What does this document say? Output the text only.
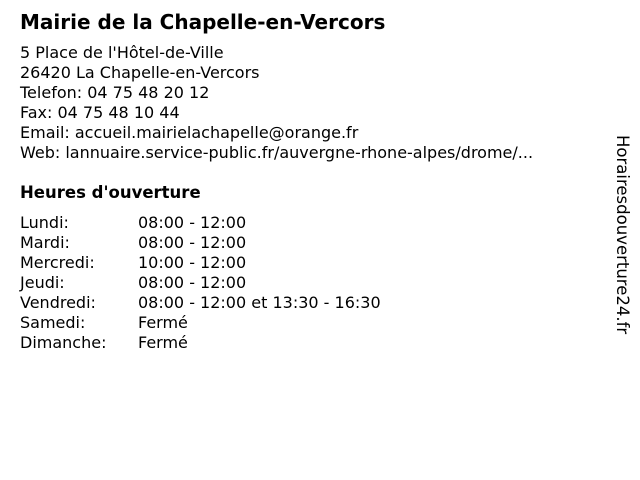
Mairie de la Chapelle-en-Vercors
5 Place de l'Hôtel-de-Ville
26420 La Chapelle-en-Vercors
Telefon: 04 75 48 20 12
Fax: 04 75 48 10 44
Email: accueil.mairielachapelle@orange.fr
Web: lannuaire.service-public.fr/auvergne-rhone-alpes/drome/...
Heures d'ouverture
Lundi:	08:00 - 12:00
Mardi:	08:00 - 12:00
Mercredi:	10:00 - 12:00
Jeudi:	08:00 - 12:00
Vendredi:	08:00 - 12:00 et 13:30 - 16:30
Samedi:	Fermé
Dimanche: Fermé
Horairesdouverture24.fr
